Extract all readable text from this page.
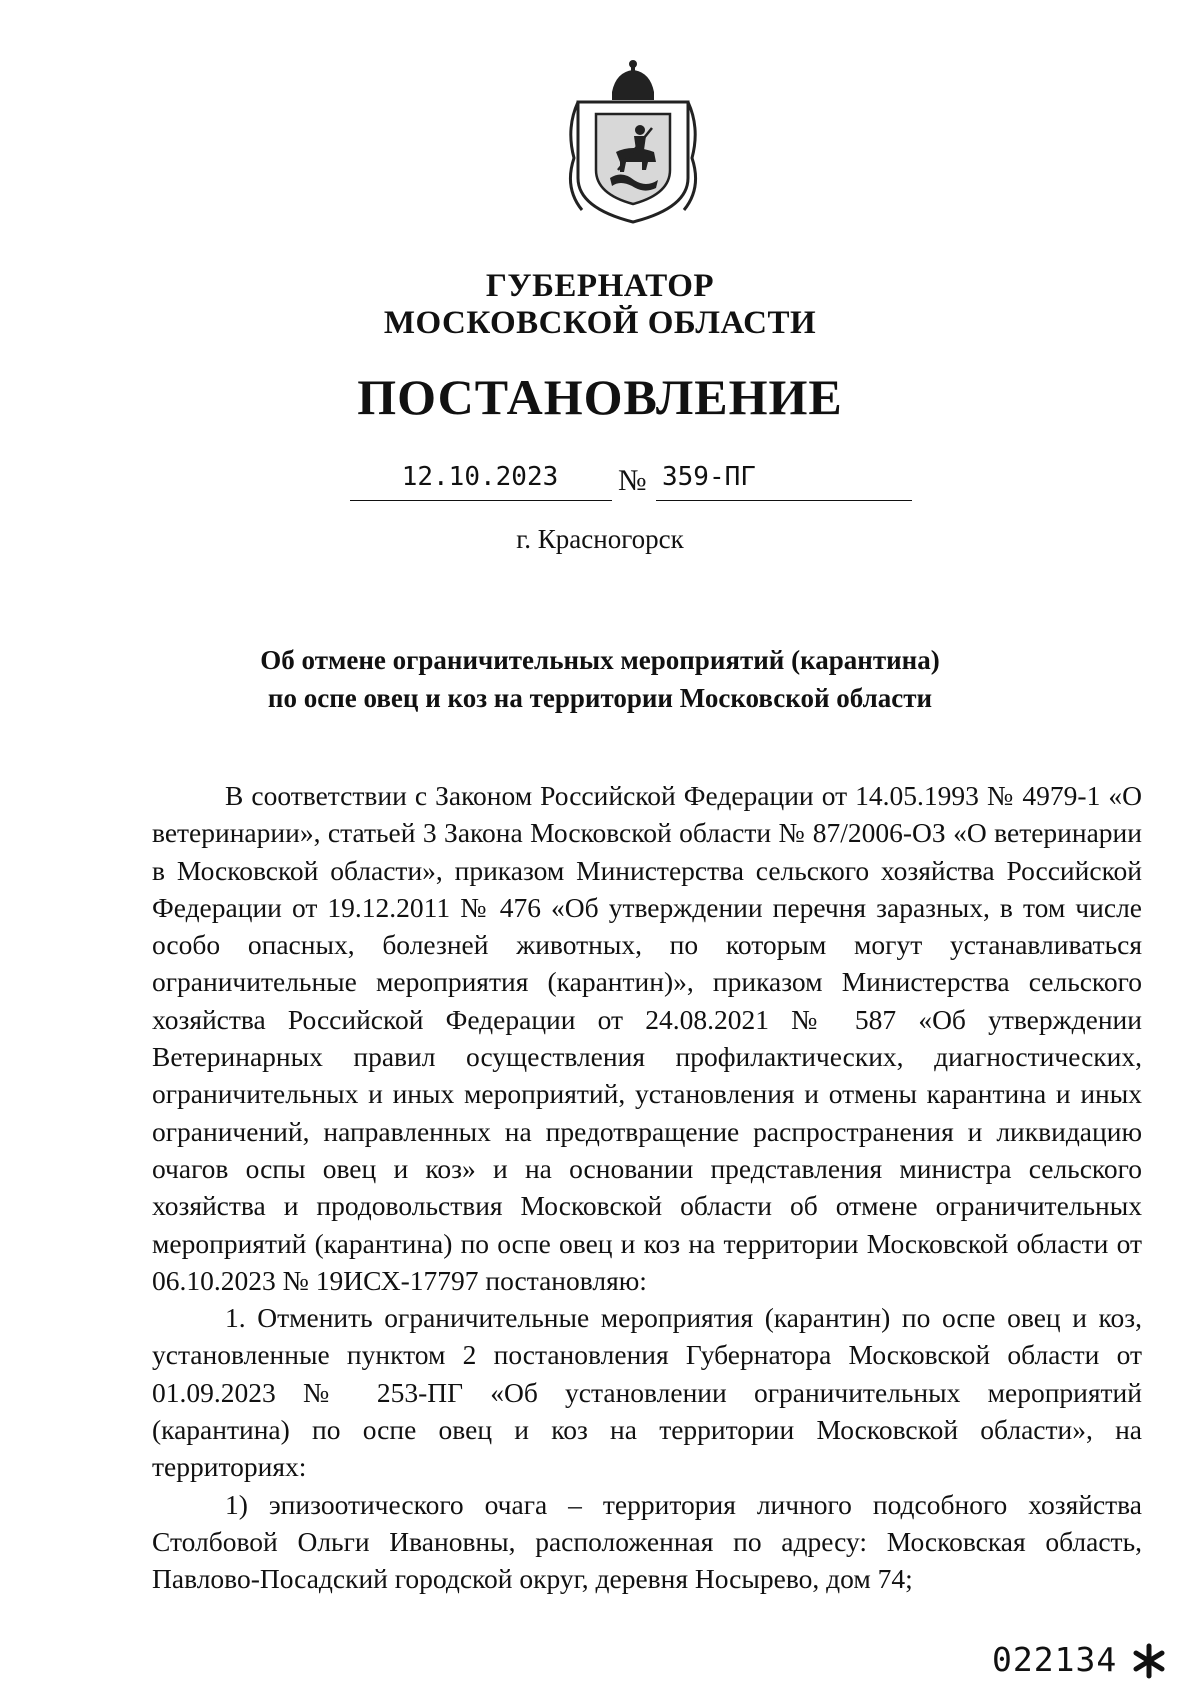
ГУБЕРНАТОР
МОСКОВСКОЙ ОБЛАСТИ
ПОСТАНОВЛЕНИЕ
12.10.2023	№ 359-ПГ
г. Красногорск
Об отмене ограничительных мероприятий (карантина)
по оспе овец и коз на территории Московской области

В соответствии с Законом Российской Федерации от 14.05.1993 № 4979-1 «О ветеринарии», статьей 3 Закона Московской области № 87/2006-ОЗ «О ветеринарии в Московской области», приказом Министерства сельского хозяйства Российской Федерации от 19.12.2011 № 476 «Об утверждении перечня заразных, в том числе особо опасных, болезней животных, по которым могут устанавливаться ограничительные мероприятия (карантин)», приказом Министерства сельского хозяйства Российской Федерации от 24.08.2021 № 587 «Об утверждении Ветеринарных правил осуществления профилактических, диагностических, ограничительных и иных мероприятий, установления и отмены карантина и иных ограничений, направленных на предотвращение распространения и ликвидацию очагов оспы овец и коз» и на основании представления министра сельского хозяйства и продовольствия Московской области об отмене ограничительных мероприятий (карантина) по оспе овец и коз на территории Московской области от 06.10.2023 № 19ИСХ-17797 постановляю:

1. Отменить ограничительные мероприятия (карантин) по оспе овец и коз, установленные пунктом 2 постановления Губернатора Московской области от 01.09.2023 № 253-ПГ «Об установлении ограничительных мероприятий (карантина) по оспе овец и коз на территории Московской области», на территориях:

1) эпизоотического очага – территория личного подсобного хозяйства Столбовой Ольги Ивановны, расположенная по адресу: Московская область, Павлово-Посадский городской округ, деревня Носырево, дом 74;

022134
